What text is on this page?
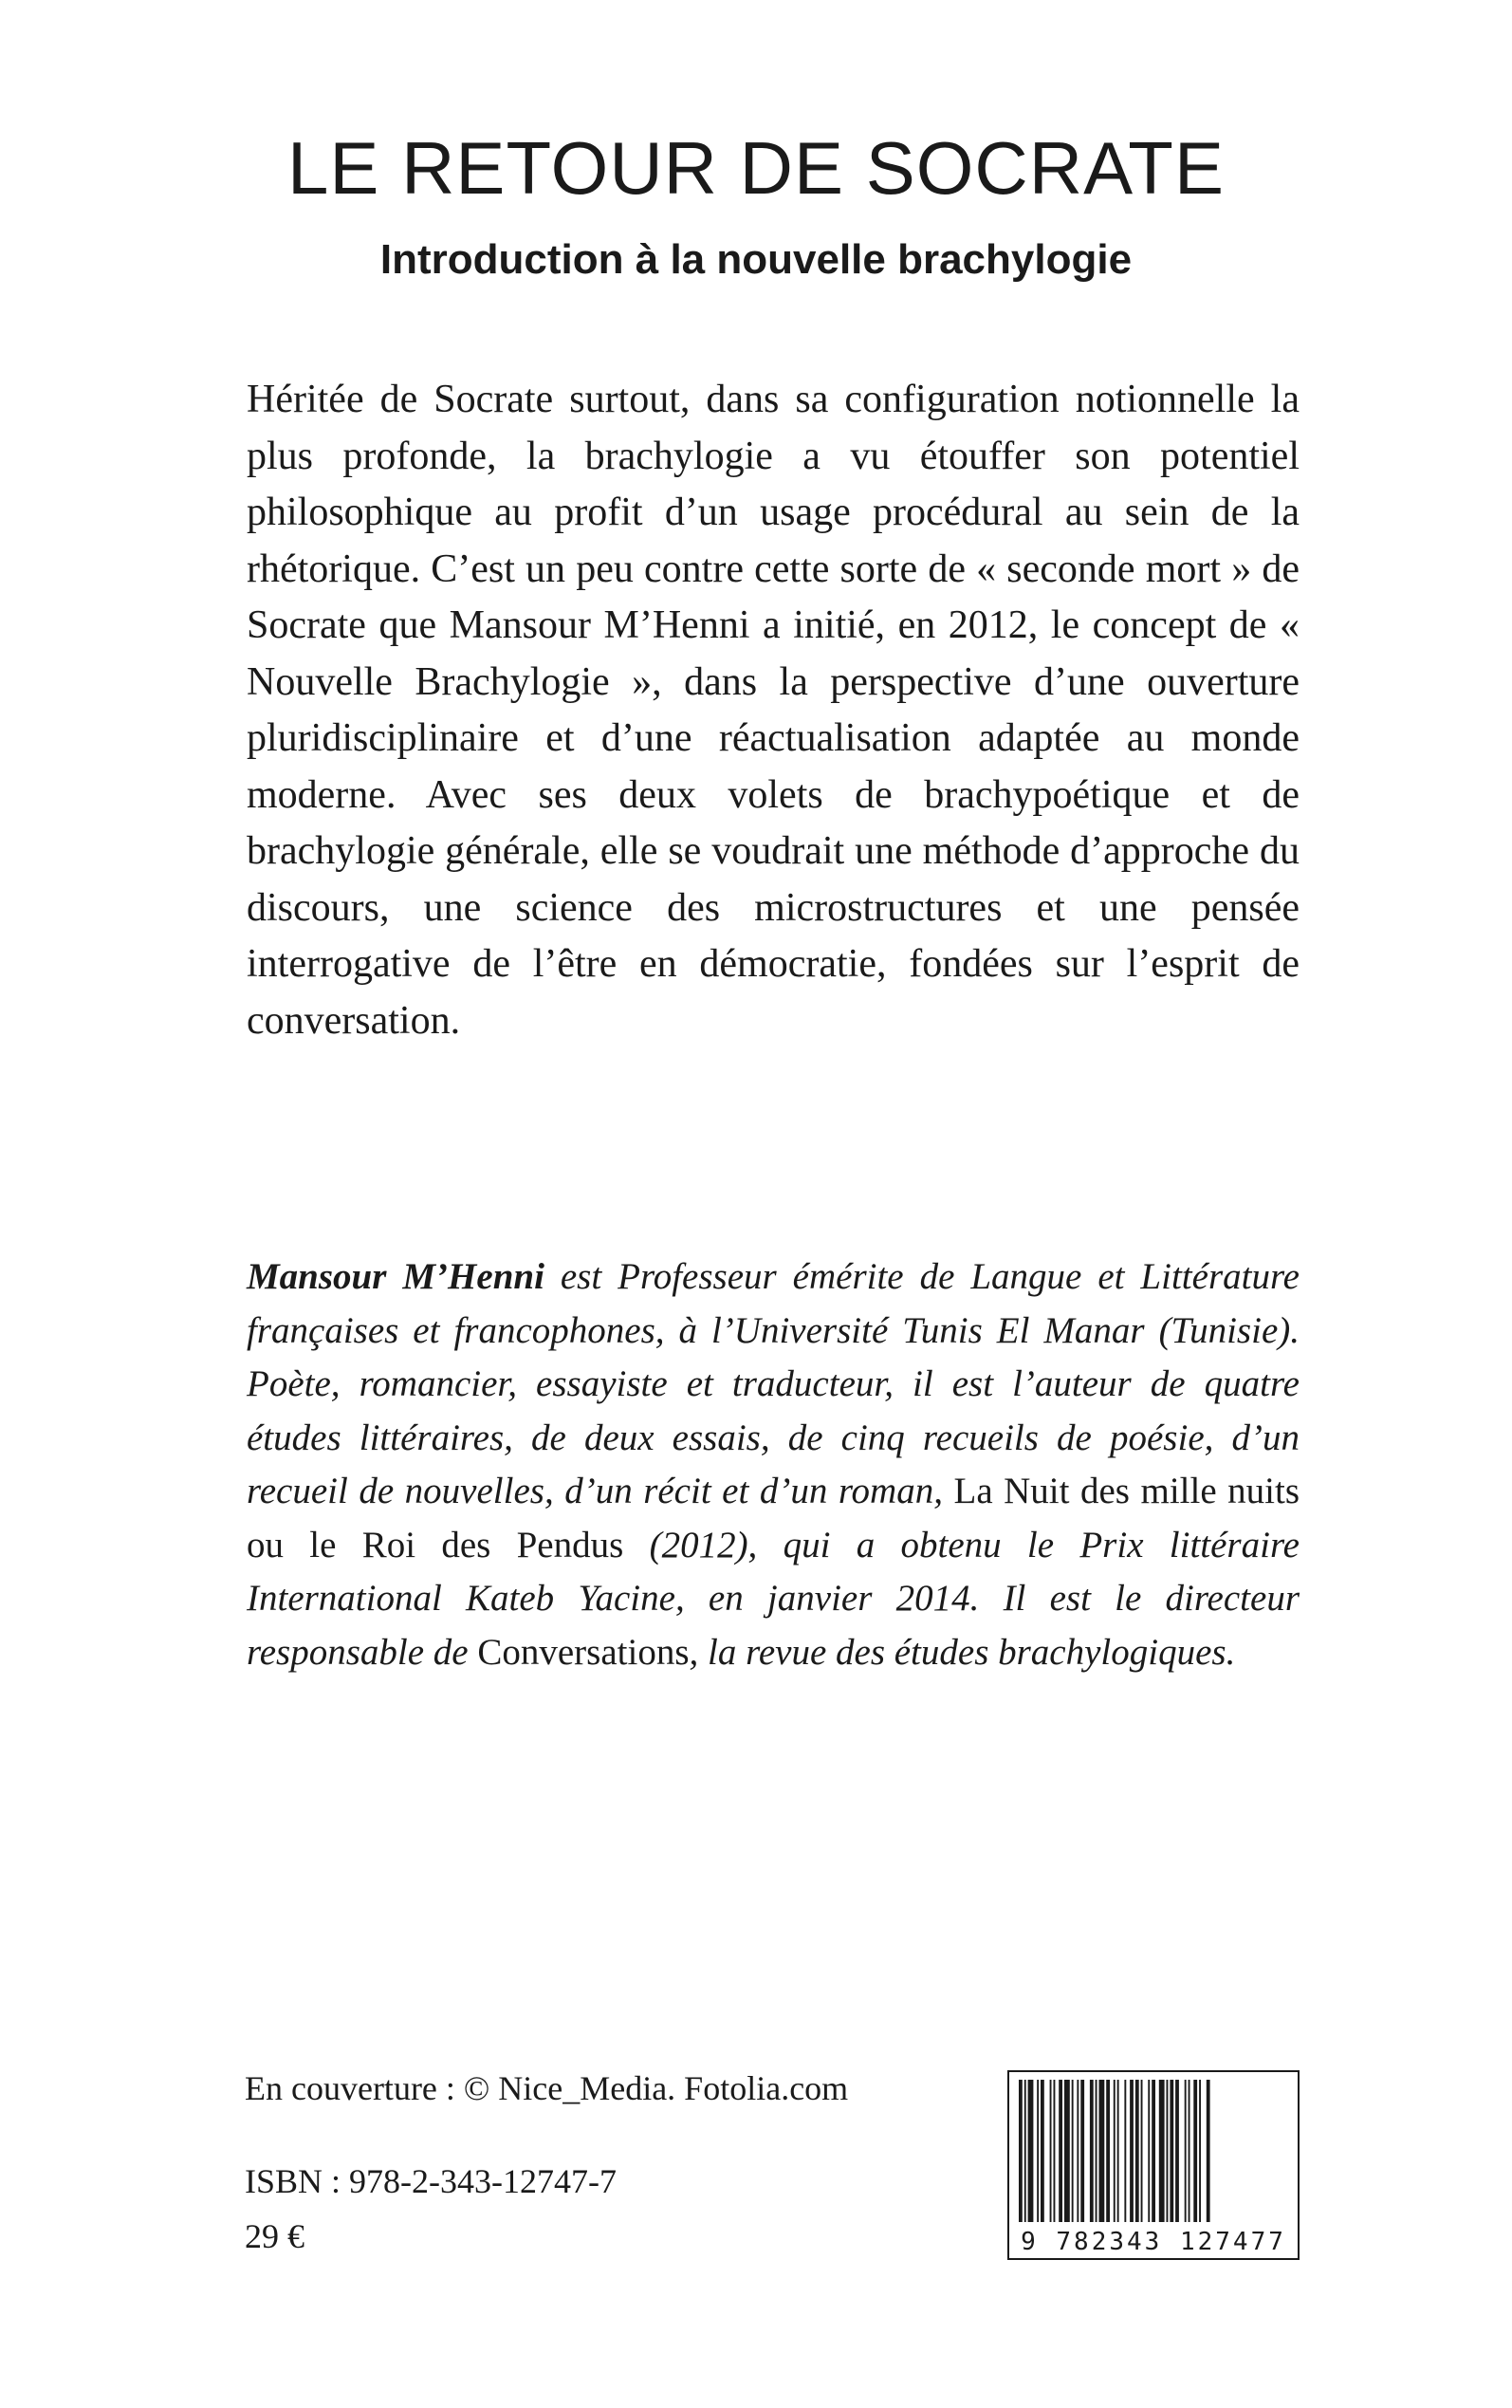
LE RETOUR DE SOCRATE
Introduction à la nouvelle brachylogie

Héritée de Socrate surtout, dans sa configuration notionnelle la plus profonde, la brachylogie a vu étouffer son potentiel philosophique au profit d’un usage procédural au sein de la rhétorique. C’est un peu contre cette sorte de « seconde mort » de Socrate que Mansour M’Henni a initié, en 2012, le concept de « Nouvelle Brachylogie », dans la perspective d’une ouverture pluridisciplinaire et d’une réactualisation adaptée au monde moderne. Avec ses deux volets de brachypoétique et de brachylogie générale, elle se voudrait une méthode d’approche du discours, une science des microstructures et une pensée interrogative de l’être en démocratie, fondées sur l’esprit de conversation.

Mansour M’Henni est Professeur émérite de Langue et Littérature françaises et francophones, à l’Université Tunis El Manar (Tunisie). Poète, romancier, essayiste et traducteur, il est l’auteur de quatre études littéraires, de deux essais, de cinq recueils de poésie, d’un recueil de nouvelles, d’un récit et d’un roman, La Nuit des mille nuits ou le Roi des Pendus (2012), qui a obtenu le Prix littéraire International Kateb Yacine, en janvier 2014. Il est le directeur responsable de Conversations, la revue des études brachylogiques.

En couverture : © Nice_Media. Fotolia.com

ISBN : 978-2-343-12747-7

29 €	9 782343 127477
